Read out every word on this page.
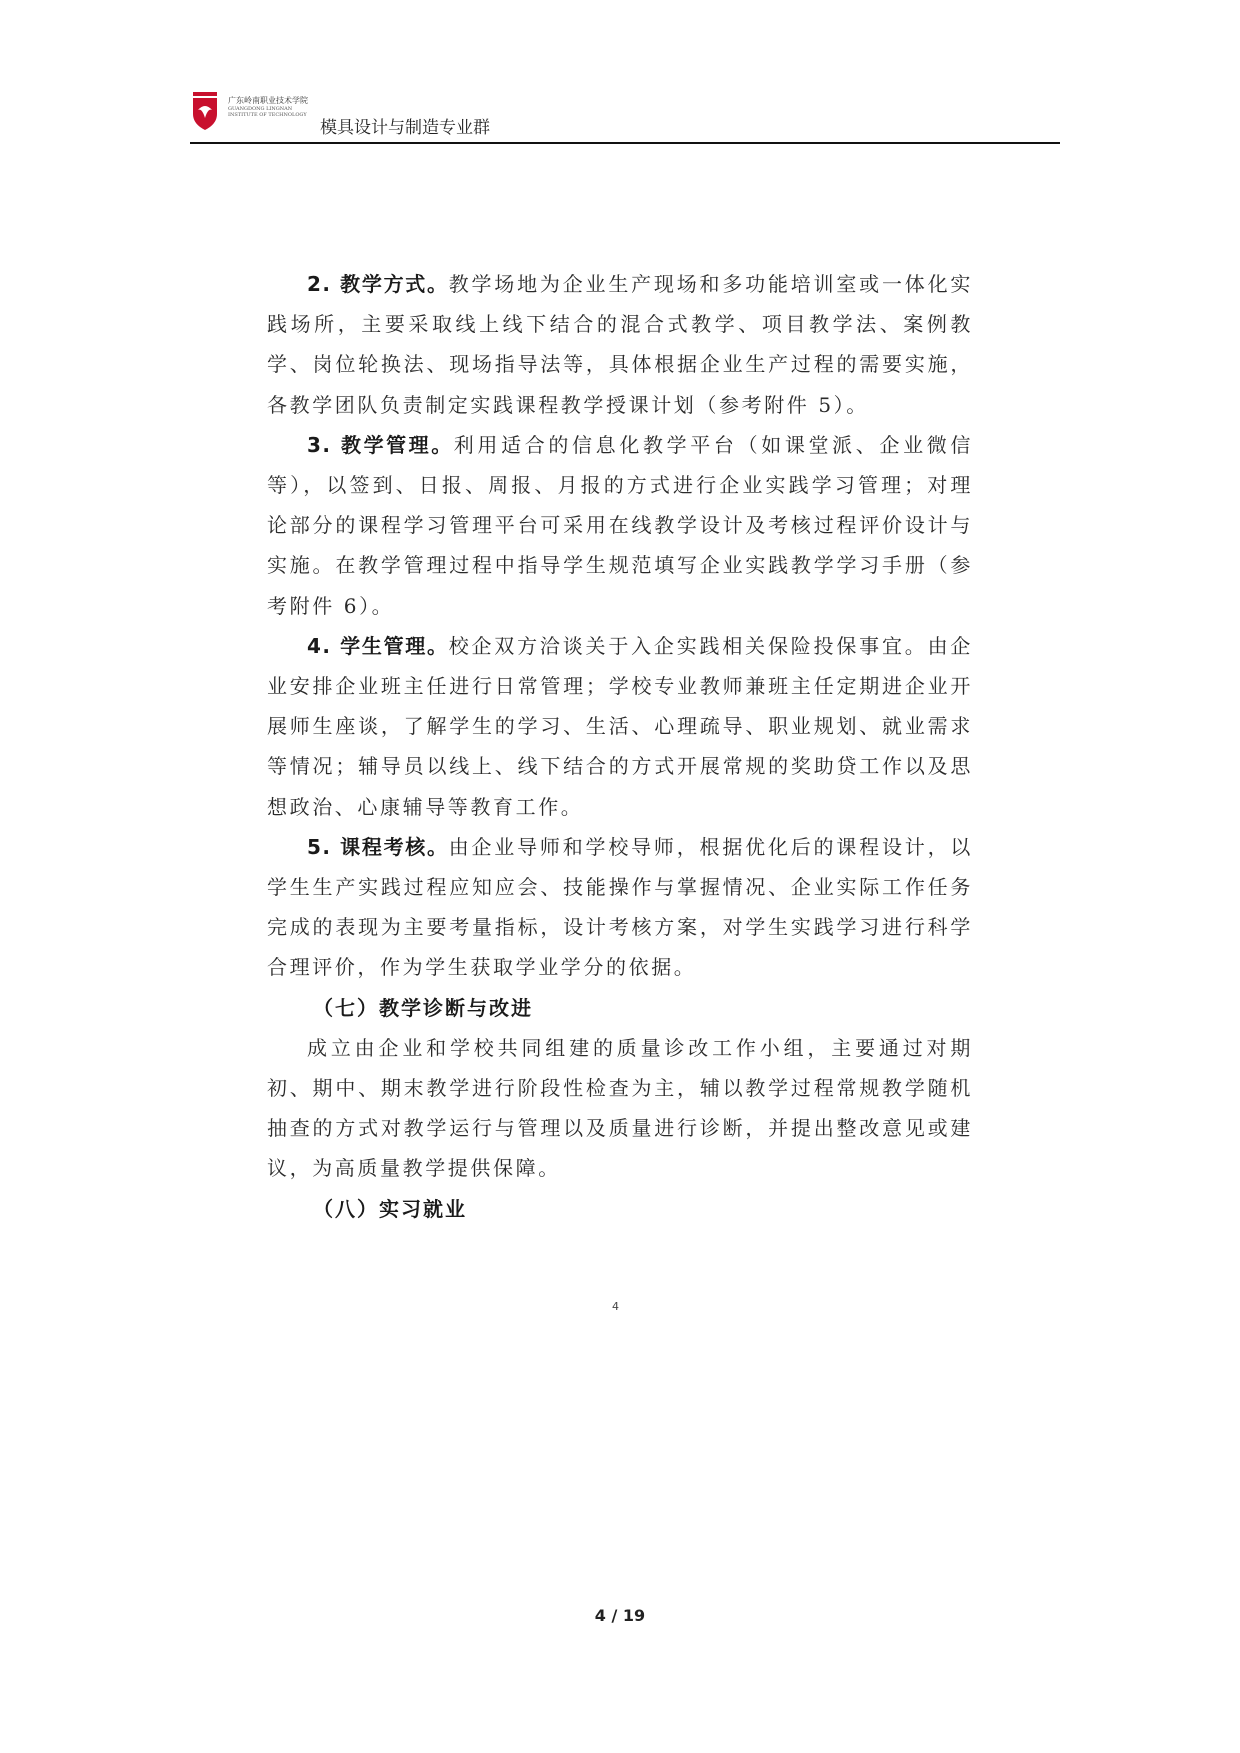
广东岭南职业技术学院
GUANGDONG LINGNAN
INSTITUTE OF TECHNOLOGY
模具设计与制造专业群

2. 教学方式。教学场地为企业生产现场和多功能培训室或一体化实践场所，主要采取线上线下结合的混合式教学、项目教学法、案例教学、岗位轮换法、现场指导法等，具体根据企业生产过程的需要实施，各教学团队负责制定实践课程教学授课计划（参考附件 5）。

3. 教学管理。利用适合的信息化教学平台（如课堂派、企业微信等），以签到、日报、周报、月报的方式进行企业实践学习管理；对理论部分的课程学习管理平台可采用在线教学设计及考核过程评价设计与实施。在教学管理过程中指导学生规范填写企业实践教学学习手册（参考附件 6）。

4. 学生管理。校企双方洽谈关于入企实践相关保险投保事宜。由企业安排企业班主任进行日常管理；学校专业教师兼班主任定期进企业开展师生座谈，了解学生的学习、生活、心理疏导、职业规划、就业需求等情况；辅导员以线上、线下结合的方式开展常规的奖助贷工作以及思想政治、心康辅导等教育工作。

5. 课程考核。由企业导师和学校导师，根据优化后的课程设计，以学生生产实践过程应知应会、技能操作与掌握情况、企业实际工作任务完成的表现为主要考量指标，设计考核方案，对学生实践学习进行科学合理评价，作为学生获取学业学分的依据。

（七）教学诊断与改进

成立由企业和学校共同组建的质量诊改工作小组，主要通过对期初、期中、期末教学进行阶段性检查为主，辅以教学过程常规教学随机抽查的方式对教学运行与管理以及质量进行诊断，并提出整改意见或建议，为高质量教学提供保障。

（八）实习就业

4
4 / 19
